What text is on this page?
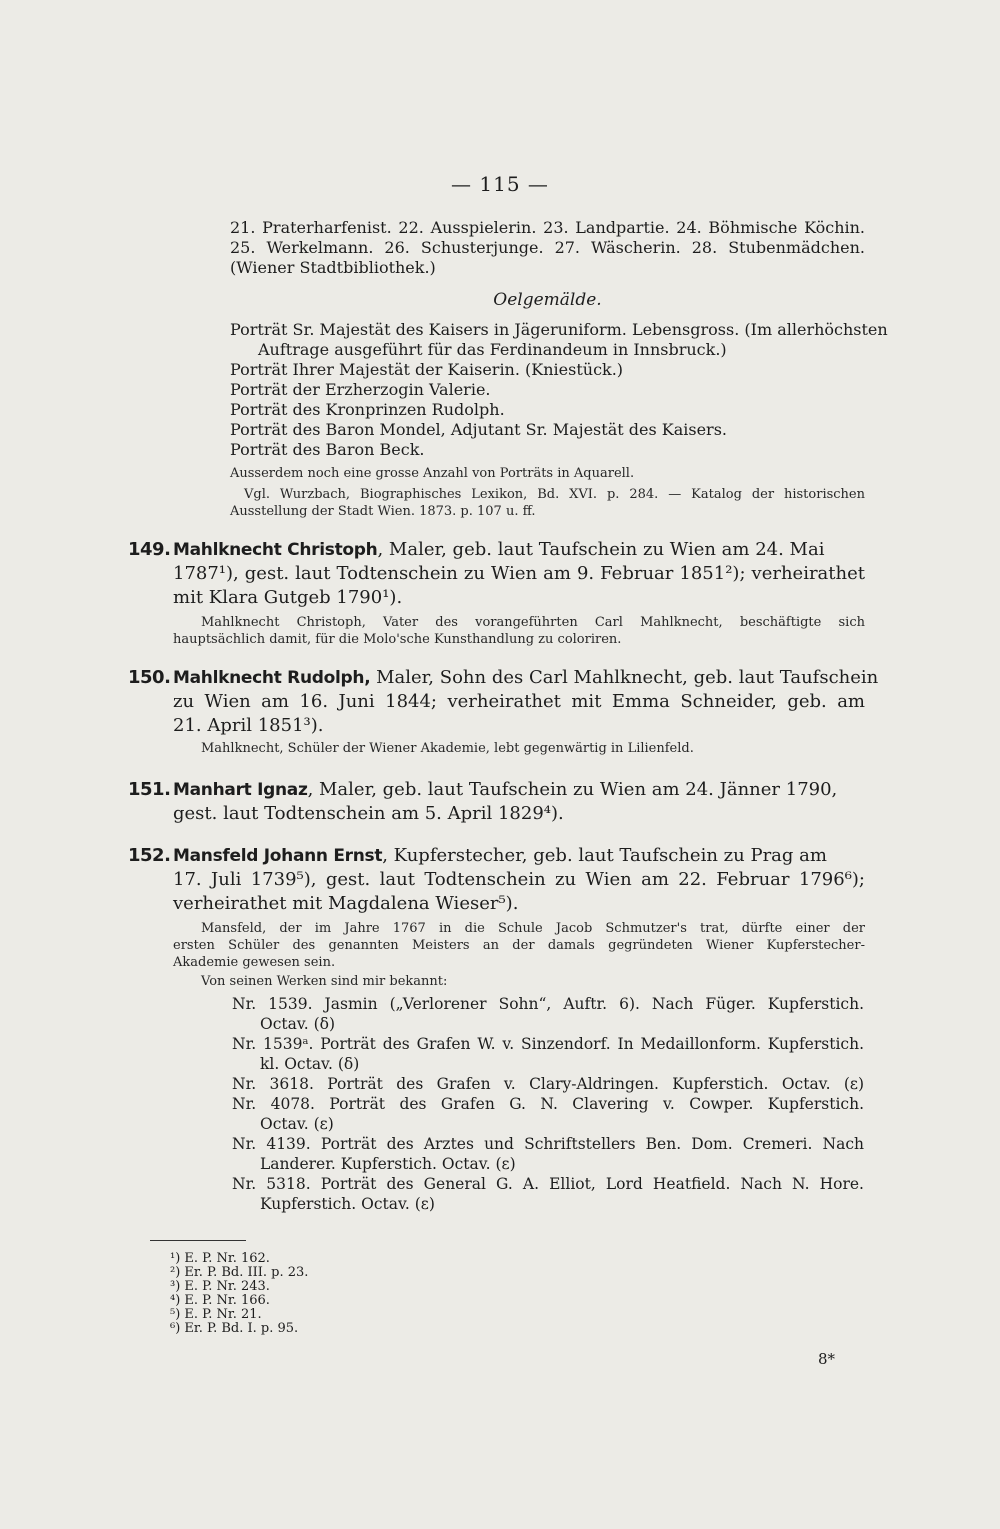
— 115 —
21. Praterharfenist. 22. Ausspielerin. 23. Landpartie. 24. Böhmische Köchin.
25. Werkelmann. 26. Schusterjunge. 27. Wäscherin. 28. Stubenmädchen.
(Wiener Stadtbibliothek.)
Oelgemälde.
Porträt Sr. Majestät des Kaisers in Jägeruniform. Lebensgross. (Im allerhöchsten
Auftrage ausgeführt für das Ferdinandeum in Innsbruck.)
Porträt Ihrer Majestät der Kaiserin. (Kniestück.)
Porträt der Erzherzogin Valerie.
Porträt des Kronprinzen Rudolph.
Porträt des Baron Mondel, Adjutant Sr. Majestät des Kaisers.
Porträt des Baron Beck.
Ausserdem noch eine grosse Anzahl von Porträts in Aquarell.
Vgl. Wurzbach, Biographisches Lexikon, Bd. XVI. p. 284. — Katalog der historischen
Ausstellung der Stadt Wien. 1873. p. 107 u. ff.
149. Mahlknecht Christoph, Maler, geb. laut Taufschein zu Wien am 24. Mai
1787¹), gest. laut Todtenschein zu Wien am 9. Februar 1851²); verheirathet
mit Klara Gutgeb 1790¹).
Mahlknecht Christoph, Vater des vorangeführten Carl Mahlknecht, beschäftigte sich
hauptsächlich damit, für die Molo'sche Kunsthandlung zu coloriren.
150. Mahlknecht Rudolph, Maler, Sohn des Carl Mahlknecht, geb. laut Taufschein
zu Wien am 16. Juni 1844; verheirathet mit Emma Schneider, geb. am
21. April 1851³).
Mahlknecht, Schüler der Wiener Akademie, lebt gegenwärtig in Lilienfeld.
151. Manhart Ignaz, Maler, geb. laut Taufschein zu Wien am 24. Jänner 1790,
gest. laut Todtenschein am 5. April 1829⁴).
152. Mansfeld Johann Ernst, Kupferstecher, geb. laut Taufschein zu Prag am
17. Juli 1739⁵), gest. laut Todtenschein zu Wien am 22. Februar 1796⁶);
verheirathet mit Magdalena Wieser⁵).
Mansfeld, der im Jahre 1767 in die Schule Jacob Schmutzer's trat, dürfte einer der
ersten Schüler des genannten Meisters an der damals gegründeten Wiener Kupferstecher-
Akademie gewesen sein.
Von seinen Werken sind mir bekannt:
Nr. 1539. Jasmin („Verlorener Sohn“, Auftr. 6). Nach Füger. Kupferstich.
Octav. (δ)
Nr. 1539ᵃ. Porträt des Grafen W. v. Sinzendorf. In Medaillonform. Kupferstich.
kl. Octav. (δ)
Nr. 3618. Porträt des Grafen v. Clary-Aldringen. Kupferstich. Octav. (ε)
Nr. 4078. Porträt des Grafen G. N. Clavering v. Cowper. Kupferstich.
Octav. (ε)
Nr. 4139. Porträt des Arztes und Schriftstellers Ben. Dom. Cremeri. Nach
Landerer. Kupferstich. Octav. (ε)
Nr. 5318. Porträt des General G. A. Elliot, Lord Heatfield. Nach N. Hore.
Kupferstich. Octav. (ε)
¹) E. P. Nr. 162.
²) Er. P. Bd. III. p. 23.
³) E. P. Nr. 243.
⁴) E. P. Nr. 166.
⁵) E. P. Nr. 21.
⁶) Er. P. Bd. I. p. 95.
8*
